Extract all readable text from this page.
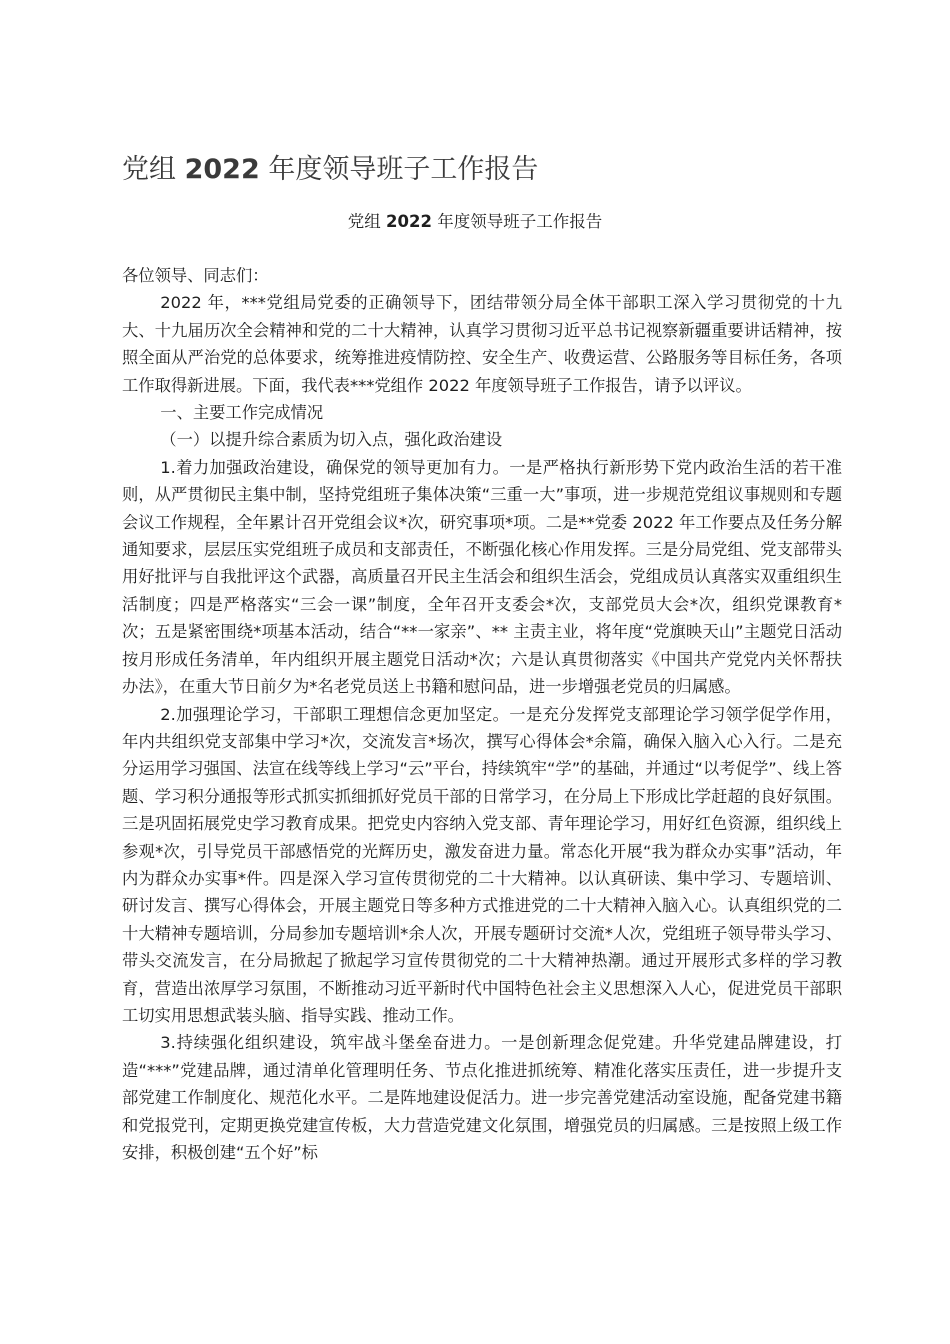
党组 2022 年度领导班子工作报告
党组 2022 年度领导班子工作报告

各位领导、同志们：

2022 年，***党组局党委的正确领导下，团结带领分局全体干部职工深入学习贯彻党的十九大、十九届历次全会精神和党的二十大精神，认真学习贯彻习近平总书记视察新疆重要讲话精神，按照全面从严治党的总体要求，统筹推进疫情防控、安全生产、收费运营、公路服务等目标任务，各项工作取得新进展。下面，我代表***党组作 2022 年度领导班子工作报告，请予以评议。

一、主要工作完成情况

（一）以提升综合素质为切入点，强化政治建设

1.着力加强政治建设，确保党的领导更加有力。一是严格执行新形势下党内政治生活的若干准则，从严贯彻民主集中制，坚持党组班子集体决策“三重一大”事项，进一步规范党组议事规则和专题会议工作规程，全年累计召开党组会议*次，研究事项*项。二是**党委 2022 年工作要点及任务分解通知要求，层层压实党组班子成员和支部责任，不断强化核心作用发挥。三是分局党组、党支部带头用好批评与自我批评这个武器，高质量召开民主生活会和组织生活会，党组成员认真落实双重组织生活制度；四是严格落实“三会一课”制度，全年召开支委会*次，支部党员大会*次，组织党课教育*次；五是紧密围绕*项基本活动，结合“**一家亲”、** 主责主业，将年度“党旗映天山”主题党日活动按月形成任务清单，年内组织开展主题党日活动*次；六是认真贯彻落实《中国共产党党内关怀帮扶办法》，在重大节日前夕为*名老党员送上书籍和慰问品，进一步增强老党员的归属感。

2.加强理论学习，干部职工理想信念更加坚定。一是充分发挥党支部理论学习领学促学作用，年内共组织党支部集中学习*次，交流发言*场次，撰写心得体会*余篇，确保入脑入心入行。二是充分运用学习强国、法宣在线等线上学习“云”平台，持续筑牢“学”的基础，并通过“以考促学”、线上答题、学习积分通报等形式抓实抓细抓好党员干部的日常学习，在分局上下形成比学赶超的良好氛围。三是巩固拓展党史学习教育成果。把党史内容纳入党支部、青年理论学习，用好红色资源，组织线上参观*次，引导党员干部感悟党的光辉历史，激发奋进力量。常态化开展“我为群众办实事”活动，年内为群众办实事*件。四是深入学习宣传贯彻党的二十大精神。以认真研读、集中学习、专题培训、研讨发言、撰写心得体会，开展主题党日等多种方式推进党的二十大精神入脑入心。认真组织党的二十大精神专题培训，分局参加专题培训*余人次，开展专题研讨交流*人次，党组班子领导带头学习、带头交流发言，在分局掀起了掀起学习宣传贯彻党的二十大精神热潮。通过开展形式多样的学习教育，营造出浓厚学习氛围，不断推动习近平新时代中国特色社会主义思想深入人心，促进党员干部职工切实用思想武装头脑、指导实践、推动工作。

3.持续强化组织建设，筑牢战斗堡垒奋进力。一是创新理念促党建。升华党建品牌建设，打造“***”党建品牌，通过清单化管理明任务、节点化推进抓统筹、精准化落实压责任，进一步提升支部党建工作制度化、规范化水平。二是阵地建设促活力。进一步完善党建活动室设施，配备党建书籍和党报党刊，定期更换党建宣传板，大力营造党建文化氛围，增强党员的归属感。三是按照上级工作安排，积极创建“五个好”标
